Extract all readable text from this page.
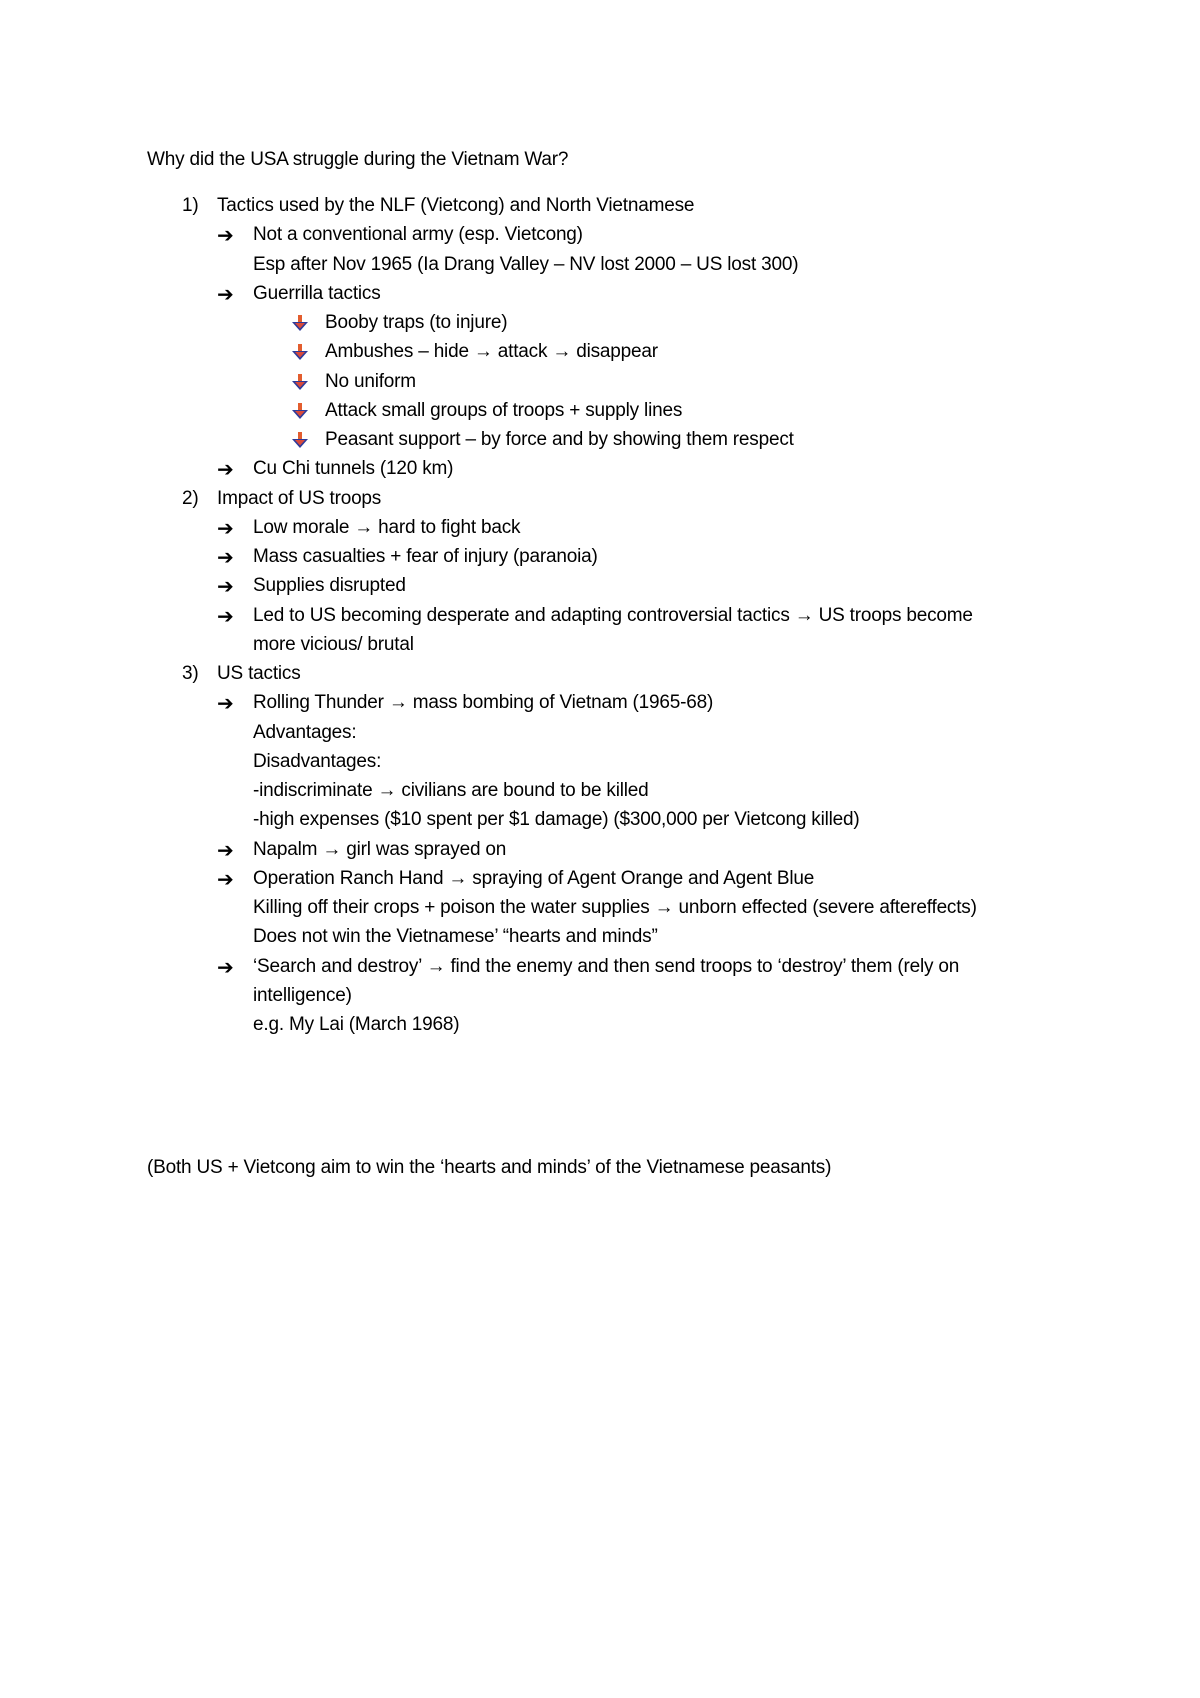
Why did the USA struggle during the Vietnam War?
1) Tactics used by the NLF (Vietcong) and North Vietnamese
➔ Not a conventional army (esp. Vietcong)
Esp after Nov 1965 (Ia Drang Valley – NV lost 2000 – US lost 300)
➔ Guerrilla tactics
Booby traps (to injure)
Ambushes – hide → attack → disappear
No uniform
Attack small groups of troops + supply lines
Peasant support – by force and by showing them respect
➔ Cu Chi tunnels (120 km)
2) Impact of US troops
➔ Low morale → hard to fight back
➔ Mass casualties + fear of injury (paranoia)
➔ Supplies disrupted
➔ Led to US becoming desperate and adapting controversial tactics → US troops become
more vicious/ brutal
3) US tactics
➔ Rolling Thunder → mass bombing of Vietnam (1965-68)
Advantages:
Disadvantages:
-indiscriminate → civilians are bound to be killed
-high expenses ($10 spent per $1 damage) ($300,000 per Vietcong killed)
➔ Napalm → girl was sprayed on
➔ Operation Ranch Hand → spraying of Agent Orange and Agent Blue
Killing off their crops + poison the water supplies → unborn effected (severe aftereffects)
Does not win the Vietnamese’ “hearts and minds”
➔ ‘Search and destroy’ → find the enemy and then send troops to ‘destroy’ them (rely on
intelligence)
e.g. My Lai (March 1968)
(Both US + Vietcong aim to win the ‘hearts and minds’ of the Vietnamese peasants)
